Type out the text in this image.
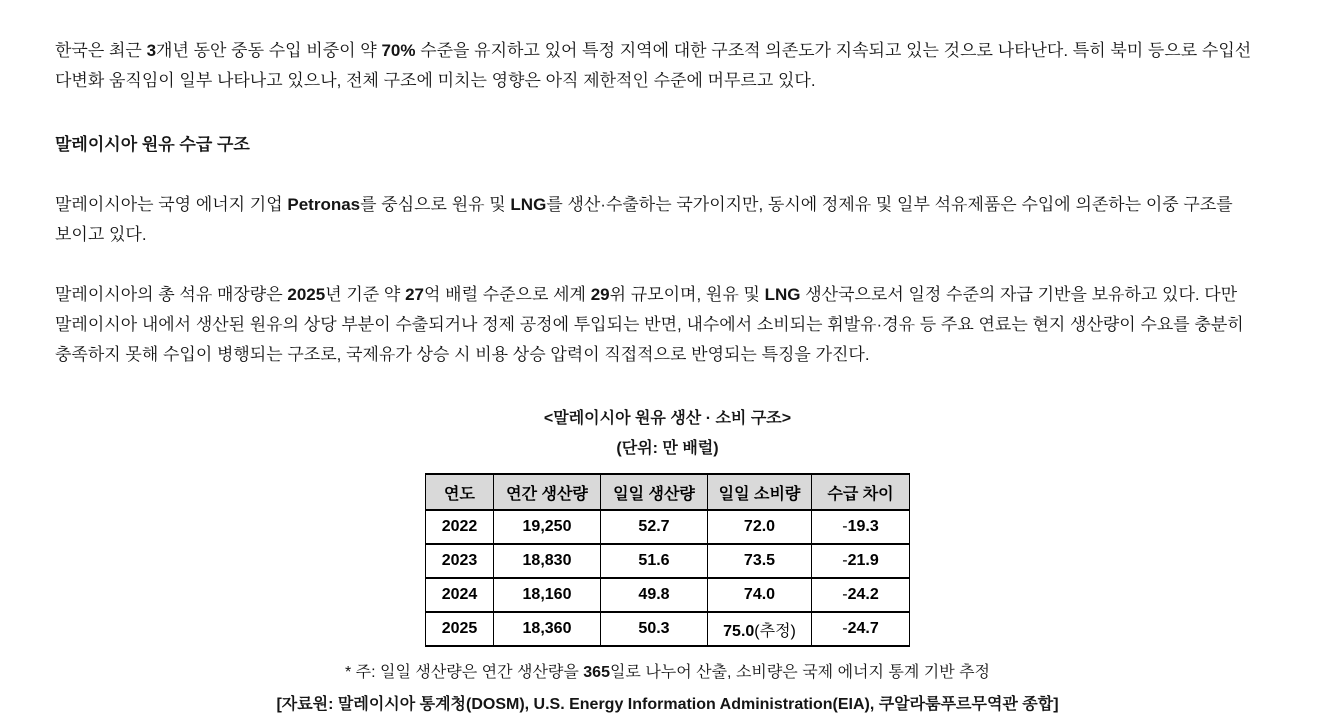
한국은 최근 3개년 동안 중동 수입 비중이 약 70% 수준을 유지하고 있어 특정 지역에 대한 구조적 의존도가 지속되고 있는 것으로 나타난다. 특히 북미 등으로 수입선 다변화 움직임이 일부 나타나고 있으나, 전체 구조에 미치는 영향은 아직 제한적인 수준에 머무르고 있다.

말레이시아 원유 수급 구조

말레이시아는 국영 에너지 기업 Petronas를 중심으로 원유 및 LNG를 생산·수출하는 국가이지만, 동시에 정제유 및 일부 석유제품은 수입에 의존하는 이중 구조를 보이고 있다.

말레이시아의 총 석유 매장량은 2025년 기준 약 27억 배럴 수준으로 세계 29위 규모이며, 원유 및 LNG 생산국으로서 일정 수준의 자급 기반을 보유하고 있다. 다만 말레이시아 내에서 생산된 원유의 상당 부분이 수출되거나 정제 공정에 투입되는 반면, 내수에서 소비되는 휘발유·경유 등 주요 연료는 현지 생산량이 수요를 충분히 충족하지 못해 수입이 병행되는 구조로, 국제유가 상승 시 비용 상승 압력이 직접적으로 반영되는 특징을 가진다.

<말레이시아 원유 생산 · 소비 구조>
(단위: 만 배럴)
연도	연간 생산량	일일 생산량	일일 소비량	수급 차이
2022	19,250	52.7	72.0	-19.3
2023	18,830	51.6	73.5	-21.9
2024	18,160	49.8	74.0	-24.2
2025	18,360	50.3	75.0(추정)	-24.7
* 주: 일일 생산량은 연간 생산량을 365일로 나누어 산출, 소비량은 국제 에너지 통계 기반 추정
[자료원: 말레이시아 통계청(DOSM), U.S. Energy Information Administration(EIA), 쿠알라룸푸르무역관 종합]
